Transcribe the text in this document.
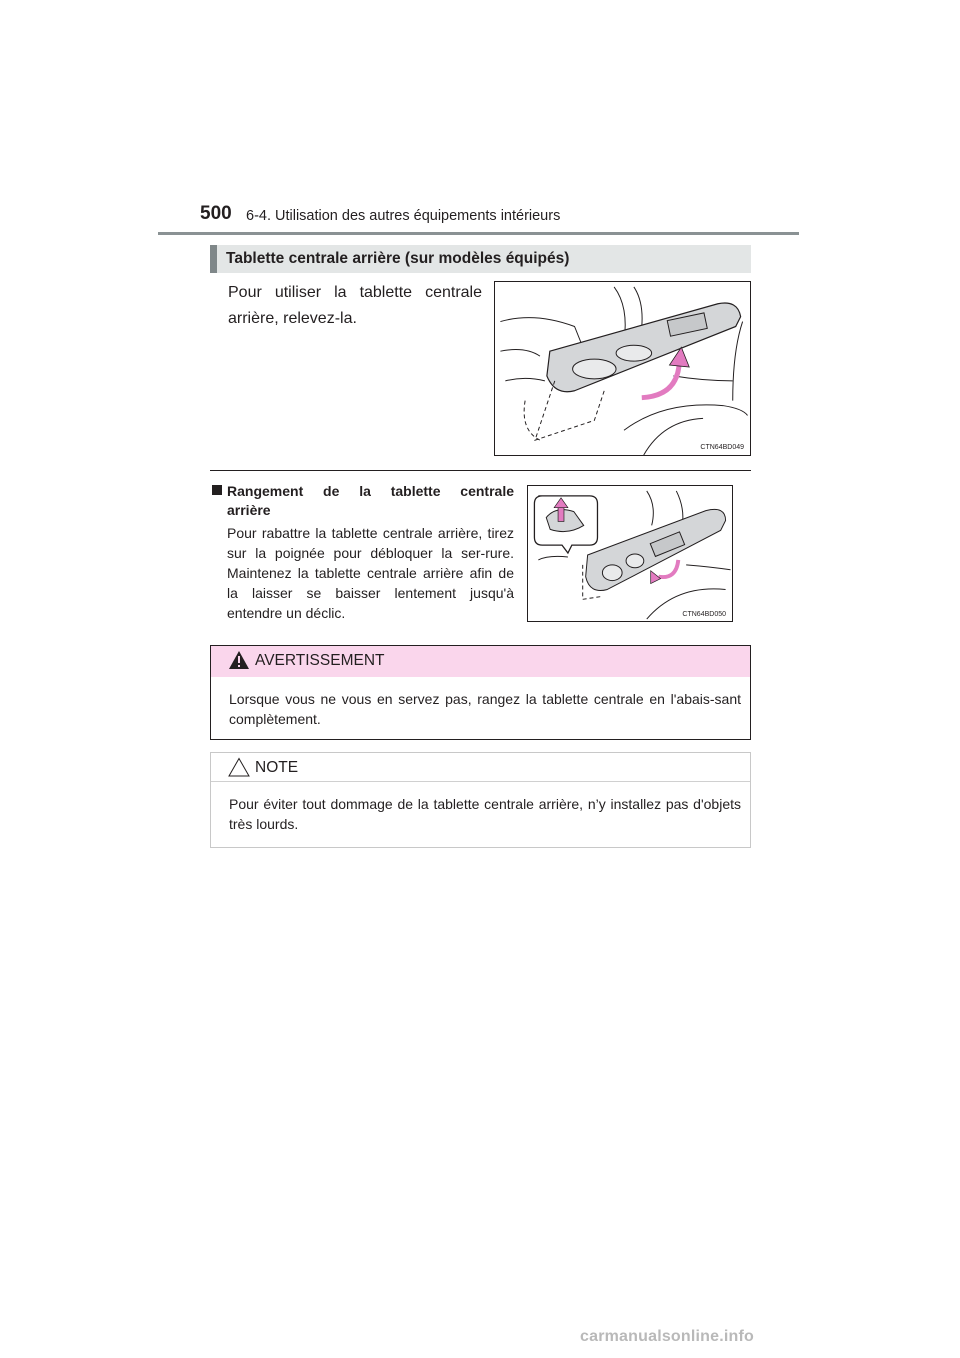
500 6-4. Utilisation des autres équipements intérieurs
Tablette centrale arrière (sur modèles équipés)
Pour utiliser la tablette centrale
arrière, relevez-la.
CTN64BD049
Rangement de la tablette centrale
arrière
Pour rabattre la tablette centrale arrière, tirez sur la poignée pour débloquer la ser-rure. Maintenez la tablette centrale arrière afin de la laisser se baisser lentement jusqu'à entendre un déclic.	CTN64BD050
AVERTISSEMENT
Lorsque vous ne vous en servez pas, rangez la tablette centrale en l'abais-sant complètement.
NOTE
Pour éviter tout dommage de la tablette centrale arrière, n’y installez pas d'objets très lourds.
carmanualsonline.info
